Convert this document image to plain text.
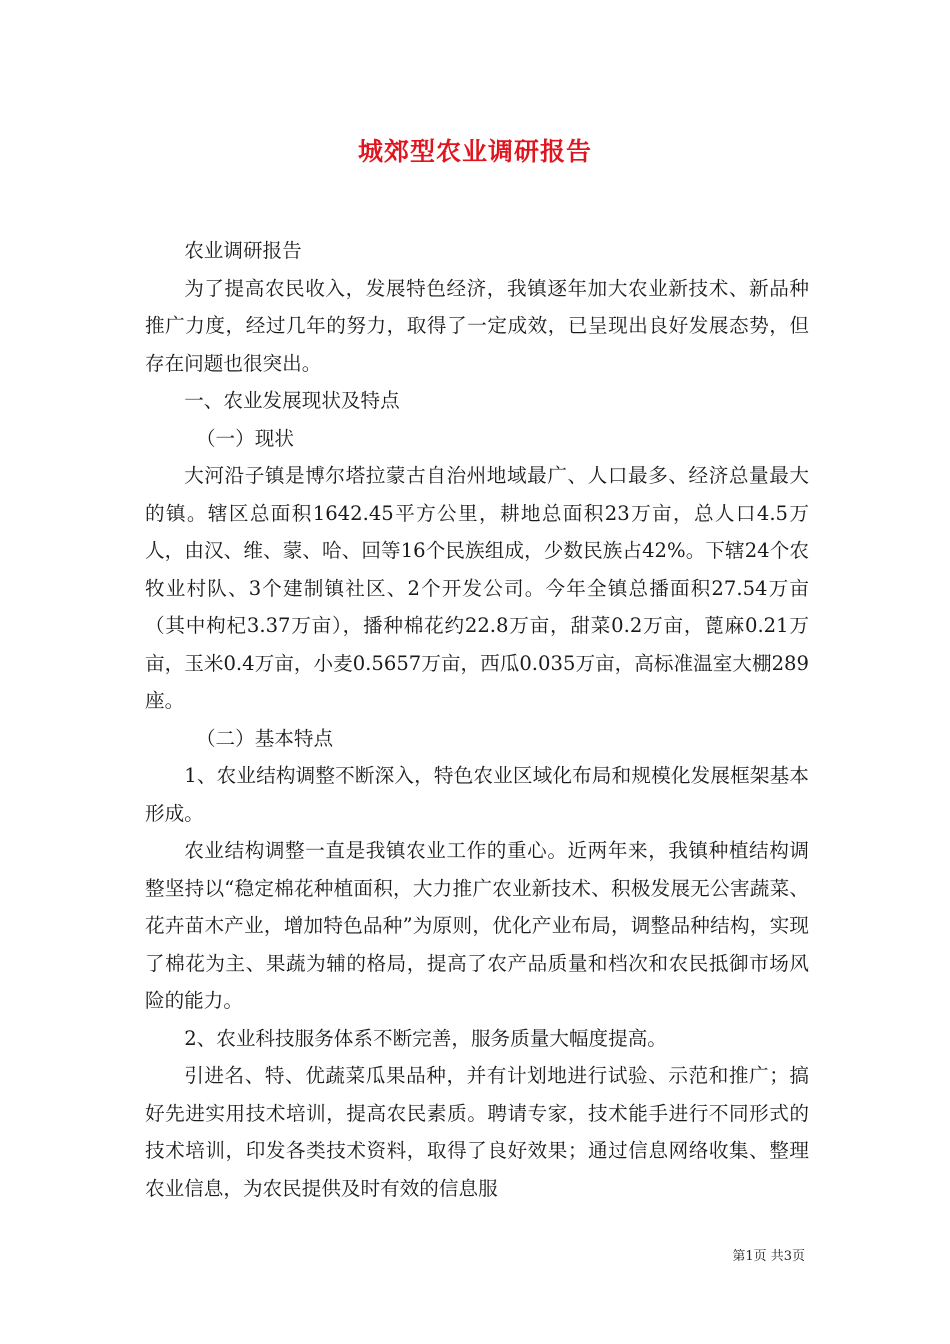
城郊型农业调研报告

农业调研报告

为了提高农民收入，发展特色经济，我镇逐年加大农业新技术、新品种推广力度，经过几年的努力，取得了一定成效，已呈现出良好发展态势，但存在问题也很突出。

一、农业发展现状及特点

（一）现状

大河沿子镇是博尔塔拉蒙古自治州地域最广、人口最多、经济总量最大的镇。辖区总面积1642.45平方公里，耕地总面积23万亩，总人口4.5万人，由汉、维、蒙、哈、回等16个民族组成，少数民族占42%。下辖24个农牧业村队、3个建制镇社区、2个开发公司。今年全镇总播面积27.54万亩（其中枸杞3.37万亩），播种棉花约22.8万亩，甜菜0.2万亩，蓖麻0.21万亩，玉米0.4万亩，小麦0.5657万亩，西瓜0.035万亩，高标准温室大棚289座。

（二）基本特点

1、农业结构调整不断深入，特色农业区域化布局和规模化发展框架基本形成。

农业结构调整一直是我镇农业工作的重心。近两年来，我镇种植结构调整坚持以“稳定棉花种植面积，大力推广农业新技术、积极发展无公害蔬菜、花卉苗木产业，增加特色品种”为原则，优化产业布局，调整品种结构，实现了棉花为主、果蔬为辅的格局，提高了农产品质量和档次和农民抵御市场风险的能力。

2、农业科技服务体系不断完善，服务质量大幅度提高。

引进名、特、优蔬菜瓜果品种，并有计划地进行试验、示范和推广；搞好先进实用技术培训，提高农民素质。聘请专家，技术能手进行不同形式的技术培训，印发各类技术资料，取得了良好效果；通过信息网络收集、整理农业信息，为农民提供及时有效的信息服

第1页 共3页
